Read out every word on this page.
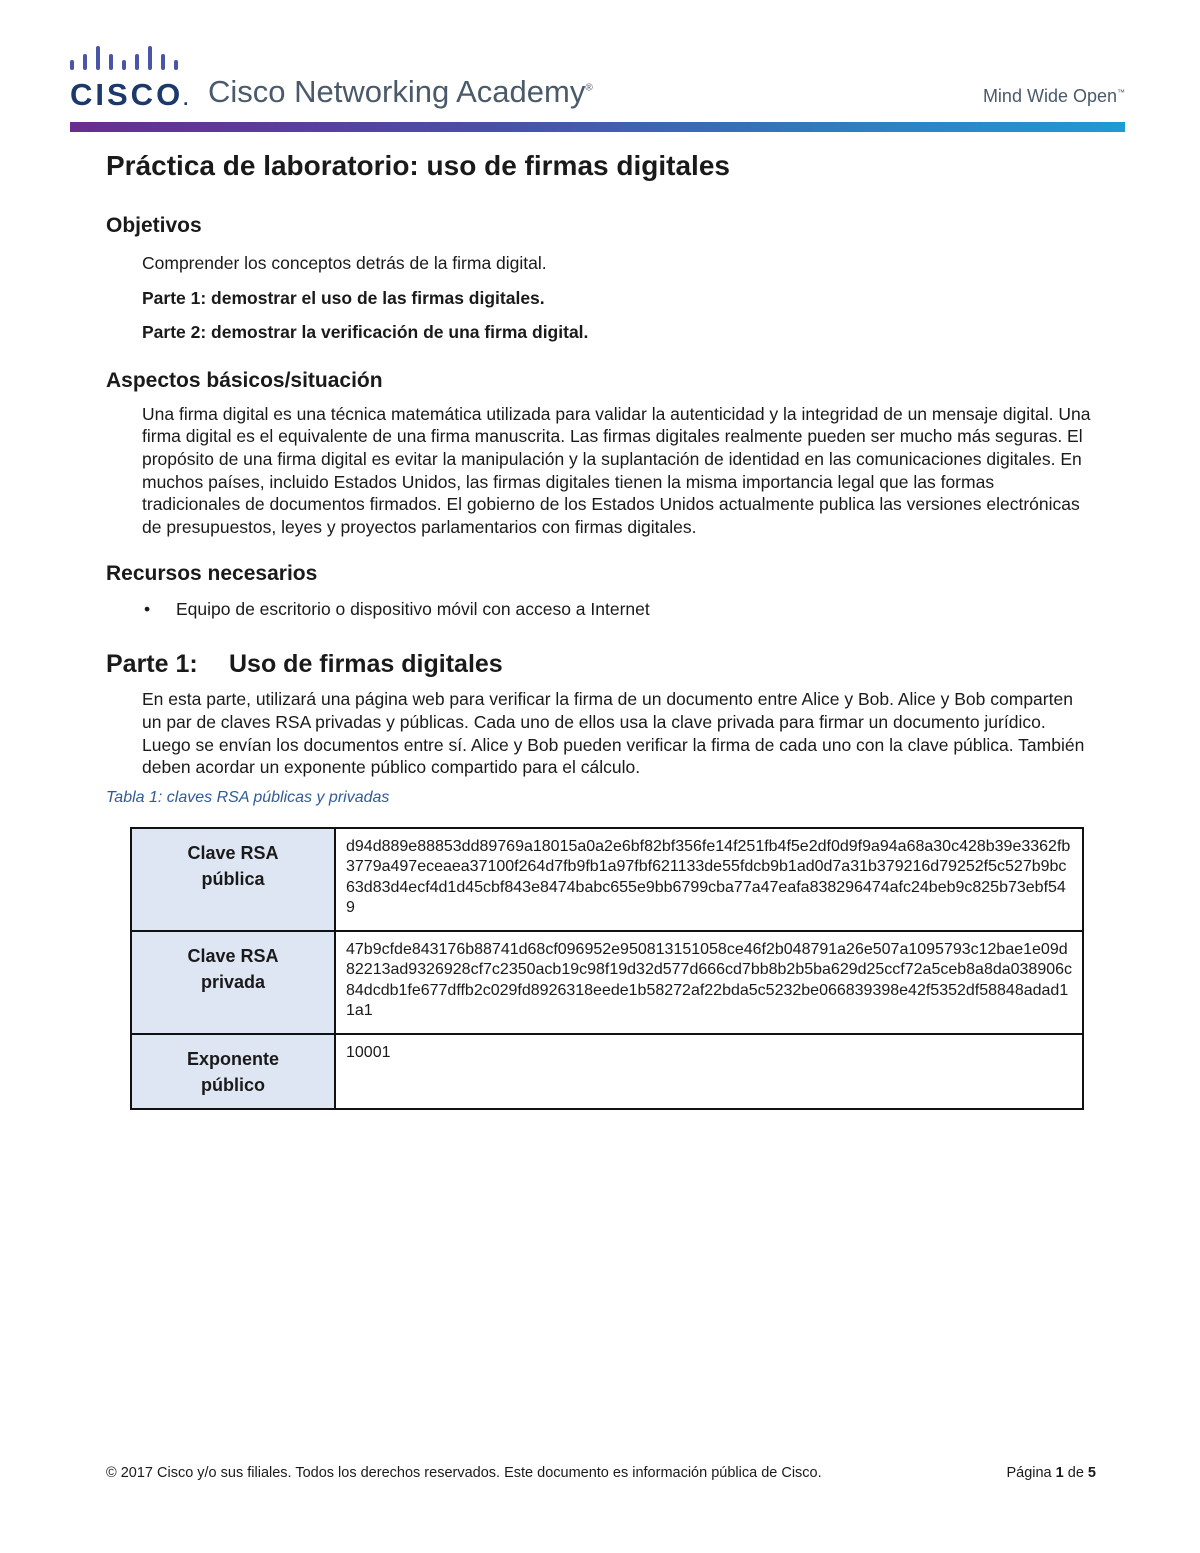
CISCO. Cisco Networking Academy®	Mind Wide Open™
Práctica de laboratorio: uso de firmas digitales
Objetivos

Comprender los conceptos detrás de la firma digital.

Parte 1: demostrar el uso de las firmas digitales.

Parte 2: demostrar la verificación de una firma digital.

Aspectos básicos/situación

Una firma digital es una técnica matemática utilizada para validar la autenticidad y la integridad de un mensaje digital. Una firma digital es el equivalente de una firma manuscrita. Las firmas digitales realmente pueden ser mucho más seguras. El propósito de una firma digital es evitar la manipulación y la suplantación de identidad en las comunicaciones digitales. En muchos países, incluido Estados Unidos, las firmas digitales tienen la misma importancia legal que las formas tradicionales de documentos firmados. El gobierno de los Estados Unidos actualmente publica las versiones electrónicas de presupuestos, leyes y proyectos parlamentarios con firmas digitales.

Recursos necesarios
• Equipo de escritorio o dispositivo móvil con acceso a Internet
Parte 1: Uso de firmas digitales

En esta parte, utilizará una página web para verificar la firma de un documento entre Alice y Bob. Alice y Bob comparten un par de claves RSA privadas y públicas. Cada uno de ellos usa la clave privada para firmar un documento jurídico. Luego se envían los documentos entre sí. Alice y Bob pueden verificar la firma de cada uno con la clave pública. También deben acordar un exponente público compartido para el cálculo.

Tabla 1: claves RSA públicas y privadas
Clave RSA
pública	d94d889e88853dd89769a18015a0a2e6bf82bf356fe14f251fb4f5e2df0d9f9a94a68a30c428b39e3362fb3779a497eceaea37100f264d7fb9fb1a97fbf621133de55fdcb9b1ad0d7a31b379216d79252f5c527b9bc63d83d4ecf4d1d45cbf843e8474babc655e9bb6799cba77a47eafa838296474afc24beb9c825b73ebf549
Clave RSA
privada	47b9cfde843176b88741d68cf096952e950813151058ce46f2b048791a26e507a1095793c12bae1e09d82213ad9326928cf7c2350acb19c98f19d32d577d666cd7bb8b2b5ba629d25ccf72a5ceb8a8da038906c84dcdb1fe677dffb2c029fd8926318eede1b58272af22bda5c5232be066839398e42f5352df58848adad11a1
Exponente
público	10001
© 2017 Cisco y/o sus filiales. Todos los derechos reservados. Este documento es información pública de Cisco.	Página 1 de 5
